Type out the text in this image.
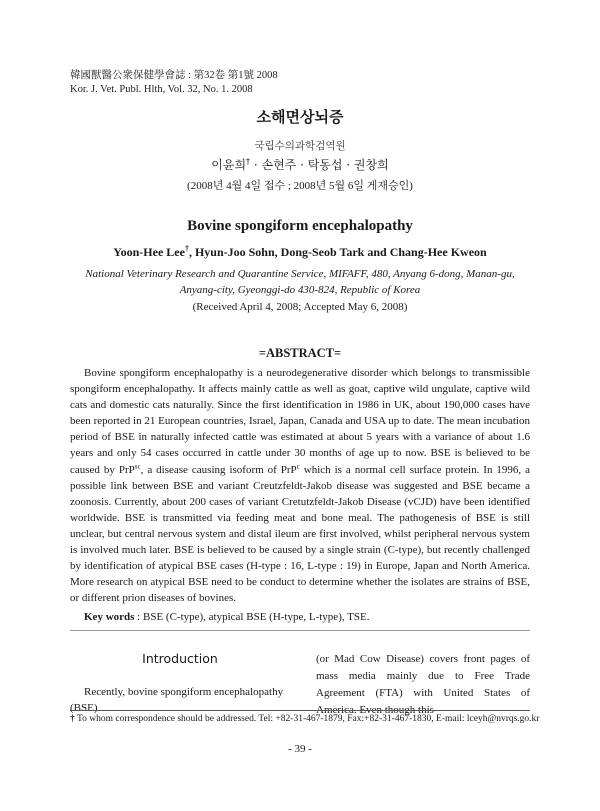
韓國獸醫公衆保健學會誌 : 第32卷 第1號 2008
Kor. J. Vet. Publ. Hlth, Vol. 32, No. 1. 2008
소해면상뇌증
국립수의과학검역원
이윤희† · 손현주 · 탁동섭 · 권창희
(2008년 4월 4일 접수 ; 2008년 5월 6일 게재승인)
Bovine spongiform encephalopathy
Yoon-Hee Lee†, Hyun-Joo Sohn, Dong-Seob Tark and Chang-Hee Kweon
National Veterinary Research and Quarantine Service, MIFAFF, 480, Anyang 6-dong, Manan-gu,
Anyang-city, Gyeonggi-do 430-824, Republic of Korea
(Received April 4, 2008; Accepted May 6, 2008)
=ABSTRACT=

Bovine spongiform encephalopathy is a neurodegenerative disorder which belongs to transmissible spongiform encephalopathy. It affects mainly cattle as well as goat, captive wild ungulate, captive wild cats and domestic cats naturally. Since the first identification in 1986 in UK, about 190,000 cases have been reported in 21 European countries, Israel, Japan, Canada and USA up to date. The mean incubation period of BSE in naturally infected cattle was estimated at about 5 years with a variance of about 1.6 years and only 54 cases occurred in cattle under 30 months of age up to now. BSE is believed to be caused by PrP$^{sc}$, a disease causing isoform of PrP$^c$ which is a normal cell surface protein. In 1996, a possible link between BSE and variant Creutzfeldt-Jakob disease was suggested and BSE became a zoonosis. Currently, about 200 cases of variant Cretutzfeldt-Jakob Disease (vCJD) have been identified worldwide. BSE is transmitted via feeding meat and bone meal. The pathogenesis of BSE is still unclear, but central nervous system and distal ileum are first involved, whilst peripheral nervous system is involved much later. BSE is believed to be caused by a single strain (C-type), but recently challenged by identification of atypical BSE cases (H-type : 16, L-type : 19) in Europe, Japan and North America. More research on atypical BSE need to be conduct to determine whether the isolates are strains of BSE, or different prion diseases of bovines.

Key words : BSE (C-type), atypical BSE (H-type, L-type), TSE.
Introduction

Recently, bovine spongiform encephalopathy (BSE)

(or Mad Cow Disease) covers front pages of mass media mainly due to Free Trade Agreement (FTA) with United States of America. Even though this

† To whom correspondence should be addressed. Tel: +82-31-467-1879, Fax:+82-31-467-1830, E-mail: lceyh@nvrqs.go.kr
- 39 -
